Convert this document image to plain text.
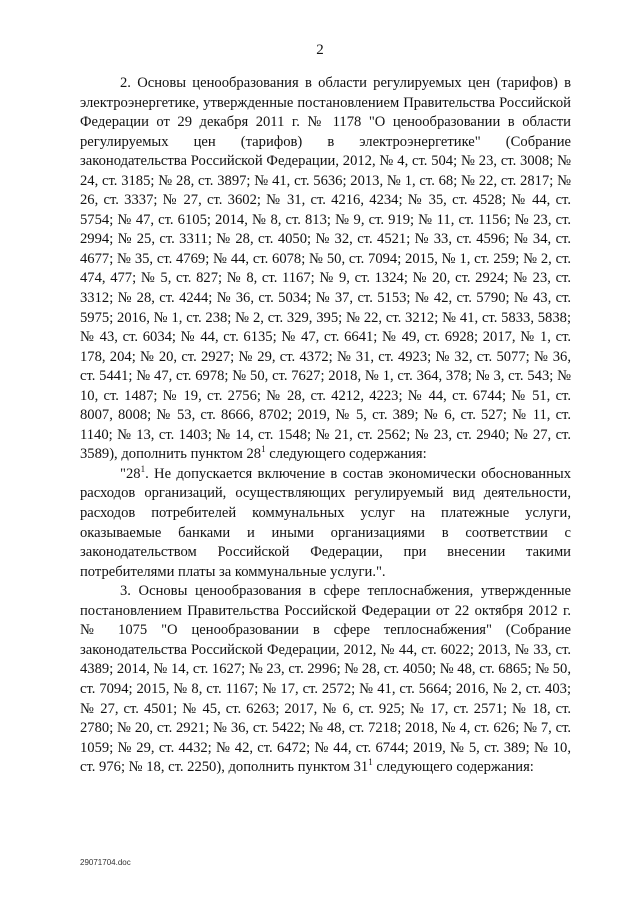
2

2. Основы ценообразования в области регулируемых цен (тарифов) в электроэнергетике, утвержденные постановлением Правительства Российской Федерации от 29 декабря 2011 г. № 1178 "О ценообразовании в области регулируемых цен (тарифов) в электроэнергетике" (Собрание законодательства Российской Федерации, 2012, № 4, ст. 504; № 23, ст. 3008; № 24, ст. 3185; № 28, ст. 3897; № 41, ст. 5636; 2013, № 1, ст. 68; № 22, ст. 2817; № 26, ст. 3337; № 27, ст. 3602; № 31, ст. 4216, 4234; № 35, ст. 4528; № 44, ст. 5754; № 47, ст. 6105; 2014, № 8, ст. 813; № 9, ст. 919; № 11, ст. 1156; № 23, ст. 2994; № 25, ст. 3311; № 28, ст. 4050; № 32, ст. 4521; № 33, ст. 4596; № 34, ст. 4677; № 35, ст. 4769; № 44, ст. 6078; № 50, ст. 7094; 2015, № 1, ст. 259; № 2, ст. 474, 477; № 5, ст. 827; № 8, ст. 1167; № 9, ст. 1324; № 20, ст. 2924; № 23, ст. 3312; № 28, ст. 4244; № 36, ст. 5034; № 37, ст. 5153; № 42, ст. 5790; № 43, ст. 5975; 2016, № 1, ст. 238; № 2, ст. 329, 395; № 22, ст. 3212; № 41, ст. 5833, 5838; № 43, ст. 6034; № 44, ст. 6135; № 47, ст. 6641; № 49, ст. 6928; 2017, № 1, ст. 178, 204; № 20, ст. 2927; № 29, ст. 4372; № 31, ст. 4923; № 32, ст. 5077; № 36, ст. 5441; № 47, ст. 6978; № 50, ст. 7627; 2018, № 1, ст. 364, 378; № 3, ст. 543; № 10, ст. 1487; № 19, ст. 2756; № 28, ст. 4212, 4223; № 44, ст. 6744; № 51, ст. 8007, 8008; № 53, ст. 8666, 8702; 2019, № 5, ст. 389; № 6, ст. 527; № 11, ст. 1140; № 13, ст. 1403; № 14, ст. 1548; № 21, ст. 2562; № 23, ст. 2940; № 27, ст. 3589), дополнить пунктом $28^1$ следующего содержания:

"$28^1$. Не допускается включение в состав экономически обоснованных расходов организаций, осуществляющих регулируемый вид деятельности, расходов потребителей коммунальных услуг на платежные услуги, оказываемые банками и иными организациями в соответствии с законодательством Российской Федерации, при внесении такими потребителями платы за коммунальные услуги.".

3. Основы ценообразования в сфере теплоснабжения, утвержденные постановлением Правительства Российской Федерации от 22 октября 2012 г. № 1075 "О ценообразовании в сфере теплоснабжения" (Собрание законодательства Российской Федерации, 2012, № 44, ст. 6022; 2013, № 33, ст. 4389; 2014, № 14, ст. 1627; № 23, ст. 2996; № 28, ст. 4050; № 48, ст. 6865; № 50, ст. 7094; 2015, № 8, ст. 1167; № 17, ст. 2572; № 41, ст. 5664; 2016, № 2, ст. 403; № 27, ст. 4501; № 45, ст. 6263; 2017, № 6, ст. 925; № 17, ст. 2571; № 18, ст. 2780; № 20, ст. 2921; № 36, ст. 5422; № 48, ст. 7218; 2018, № 4, ст. 626; № 7, ст. 1059; № 29, ст. 4432; № 42, ст. 6472; № 44, ст. 6744; 2019, № 5, ст. 389; № 10, ст. 976; № 18, ст. 2250), дополнить пунктом $31^1$ следующего содержания:

29071704.doc
